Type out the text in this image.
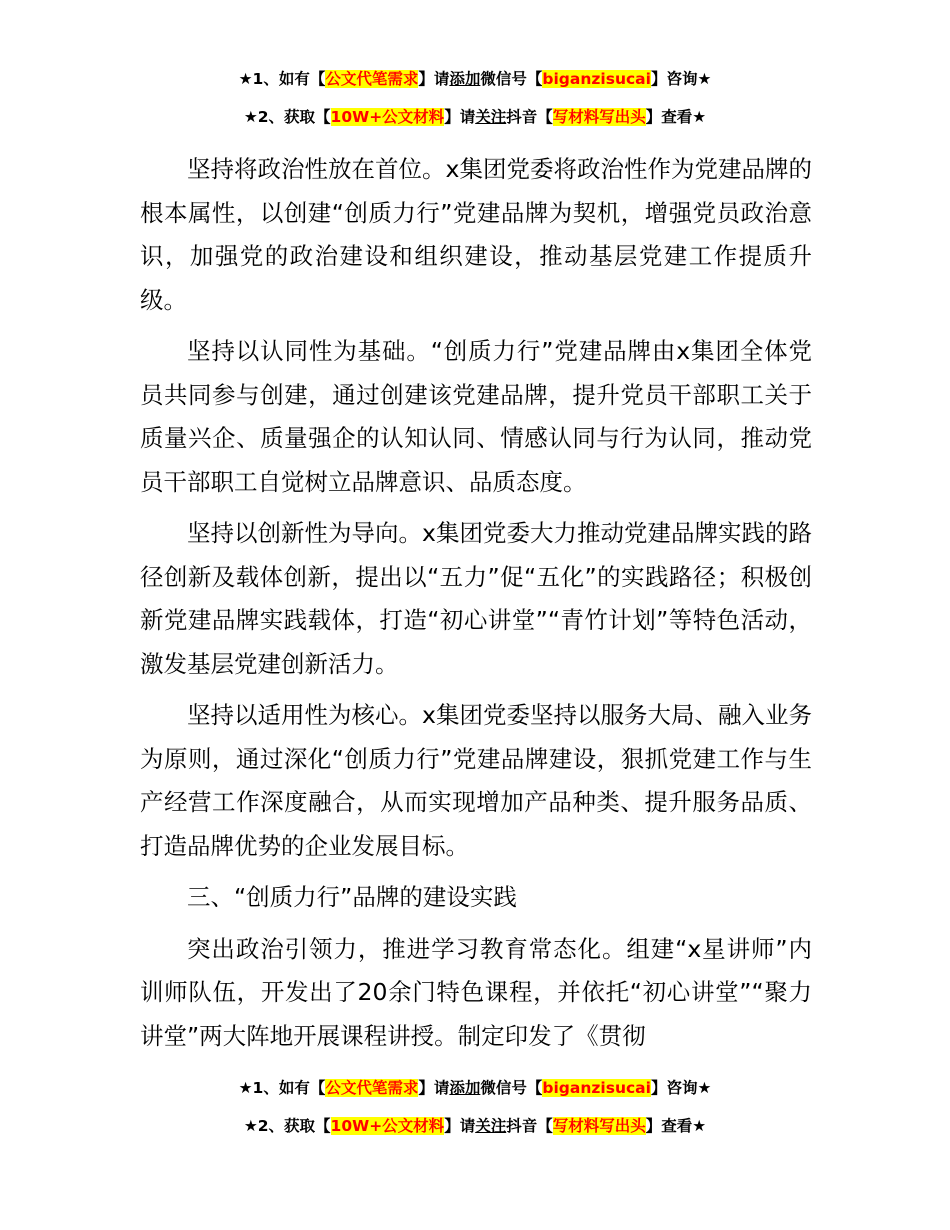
★1、如有【公文代笔需求】请添加微信号【biganzisucai】咨询★
★2、获取【10W+公文材料】请关注抖音【写材料写出头】查看★

坚持将政治性放在首位。x集团党委将政治性作为党建品牌的根本属性，以创建“创质力行”党建品牌为契机，增强党员政治意识，加强党的政治建设和组织建设，推动基层党建工作提质升级。

坚持以认同性为基础。“创质力行”党建品牌由x集团全体党员共同参与创建，通过创建该党建品牌，提升党员干部职工关于质量兴企、质量强企的认知认同、情感认同与行为认同，推动党员干部职工自觉树立品牌意识、品质态度。

坚持以创新性为导向。x集团党委大力推动党建品牌实践的路径创新及载体创新，提出以“五力”促“五化”的实践路径；积极创新党建品牌实践载体，打造“初心讲堂”“青竹计划”等特色活动，激发基层党建创新活力。

坚持以适用性为核心。x集团党委坚持以服务大局、融入业务为原则，通过深化“创质力行”党建品牌建设，狠抓党建工作与生产经营工作深度融合，从而实现增加产品种类、提升服务品质、打造品牌优势的企业发展目标。

三、“创质力行”品牌的建设实践

突出政治引领力，推进学习教育常态化。组建“x星讲师”内训师队伍，开发出了20余门特色课程，并依托“初心讲堂”“聚力讲堂”两大阵地开展课程讲授。制定印发了《贯彻

★1、如有【公文代笔需求】请添加微信号【biganzisucai】咨询★
★2、获取【10W+公文材料】请关注抖音【写材料写出头】查看★
